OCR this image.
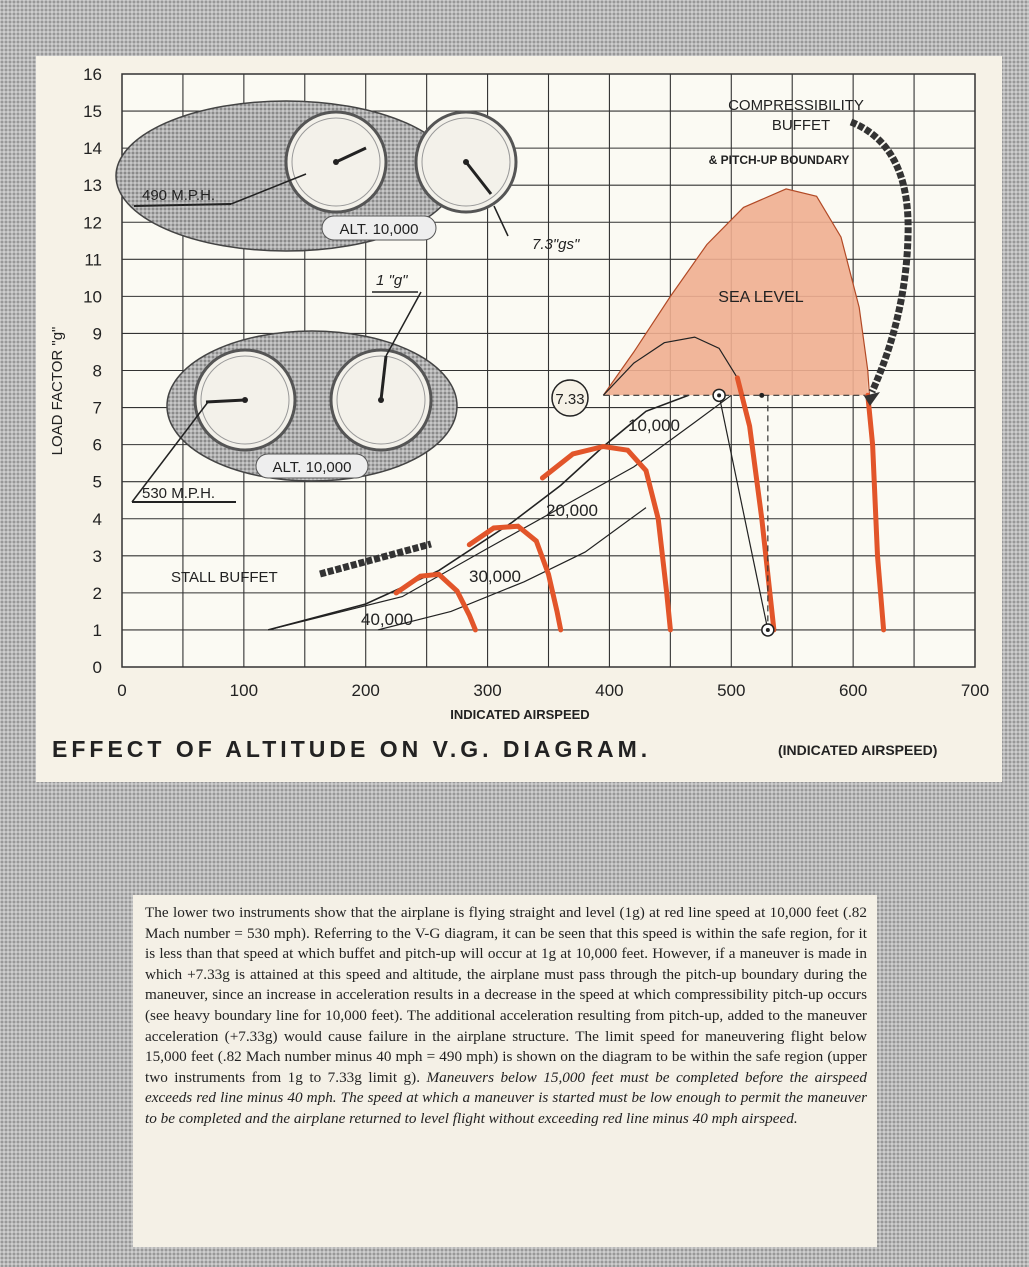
0
1
2
3
4
5
6
7
8
9
10
11
12
13
14
15
16
0	100	200	300	400	500	600	700
ALT. 10,000
490 M.P.H.
7.3"gs"
ALT. 10,000
530 M.P.H.
1 "g"
COMPRESSIBILITY
BUFFET
& PITCH-UP BOUNDARY
SEA LEVEL
10,000
20,000
30,000
40,000
7.33
STALL BUFFET
INDICATED AIRSPEED
LOAD FACTOR "g"
EFFECT OF ALTITUDE ON V.G. DIAGRAM.	(INDICATED AIRSPEED)
The lower two instruments show that the airplane is flying straight and level (1g) at red line speed at 10,000 feet (.82 Mach number = 530 mph). Referring to the V-G diagram, it can be seen that this speed is within the safe region, for it is less than that speed at which buffet and pitch-up will occur at 1g at 10,000 feet. However, if a maneuver is made in which +7.33g is attained at this speed and altitude, the airplane must pass through the pitch-up boundary during the maneuver, since an increase in acceleration results in a decrease in the speed at which compressibility pitch-up occurs (see heavy boundary line for 10,000 feet). The additional acceleration resulting from pitch-up, added to the maneuver acceleration (+7.33g) would cause failure in the airplane structure. The limit speed for maneuvering flight below 15,000 feet (.82 Mach number minus 40 mph = 490 mph) is shown on the diagram to be within the safe region (upper two instruments from 1g to 7.33g limit g). Maneuvers below 15,000 feet must be completed before the airspeed exceeds red line minus 40 mph. The speed at which a maneuver is started must be low enough to permit the maneuver to be completed and the airplane returned to level flight without exceeding red line minus 40 mph airspeed.
